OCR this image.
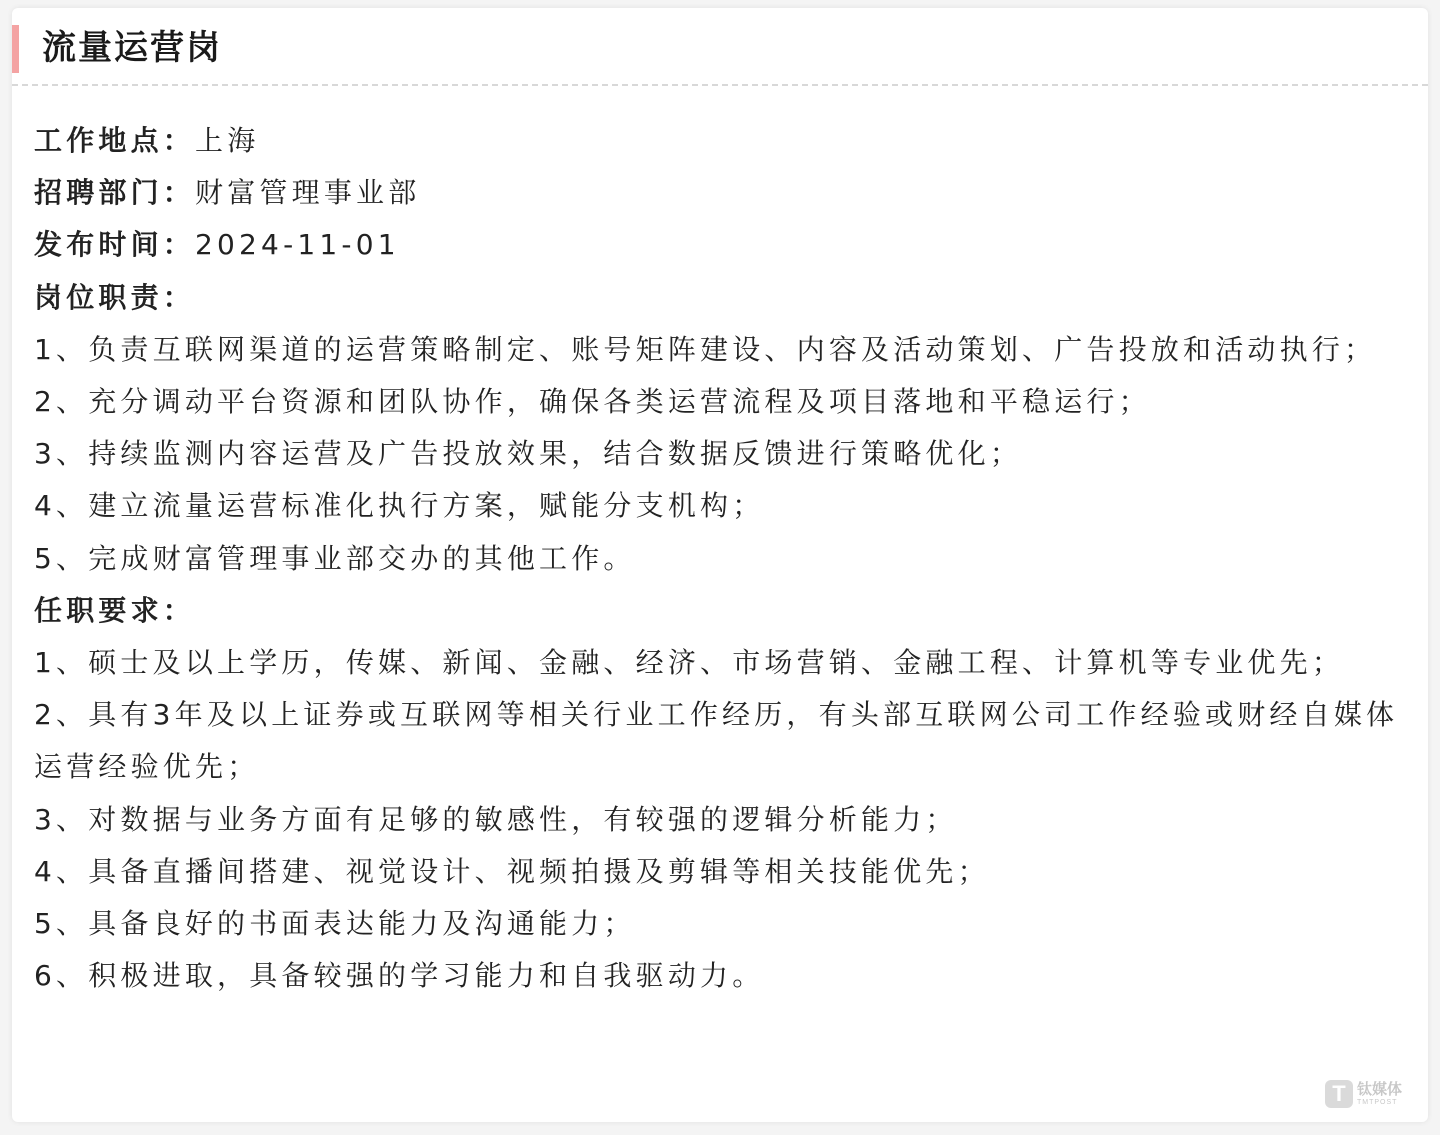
流量运营岗

工作地点：上海

招聘部门：财富管理事业部

发布时间：2024-11-01

岗位职责：

1、负责互联网渠道的运营策略制定、账号矩阵建设、内容及活动策划、广告投放和活动执行；

2、充分调动平台资源和团队协作，确保各类运营流程及项目落地和平稳运行；

3、持续监测内容运营及广告投放效果，结合数据反馈进行策略优化；

4、建立流量运营标准化执行方案，赋能分支机构；

5、完成财富管理事业部交办的其他工作。

任职要求：

1、硕士及以上学历，传媒、新闻、金融、经济、市场营销、金融工程、计算机等专业优先；

2、具有3年及以上证券或互联网等相关行业工作经历，有头部互联网公司工作经验或财经自媒体运营经验优先；

3、对数据与业务方面有足够的敏感性，有较强的逻辑分析能力；

4、具备直播间搭建、视觉设计、视频拍摄及剪辑等相关技能优先；

5、具备良好的书面表达能力及沟通能力；

6、积极进取，具备较强的学习能力和自我驱动力。

T 钛媒体
TMTPOST
